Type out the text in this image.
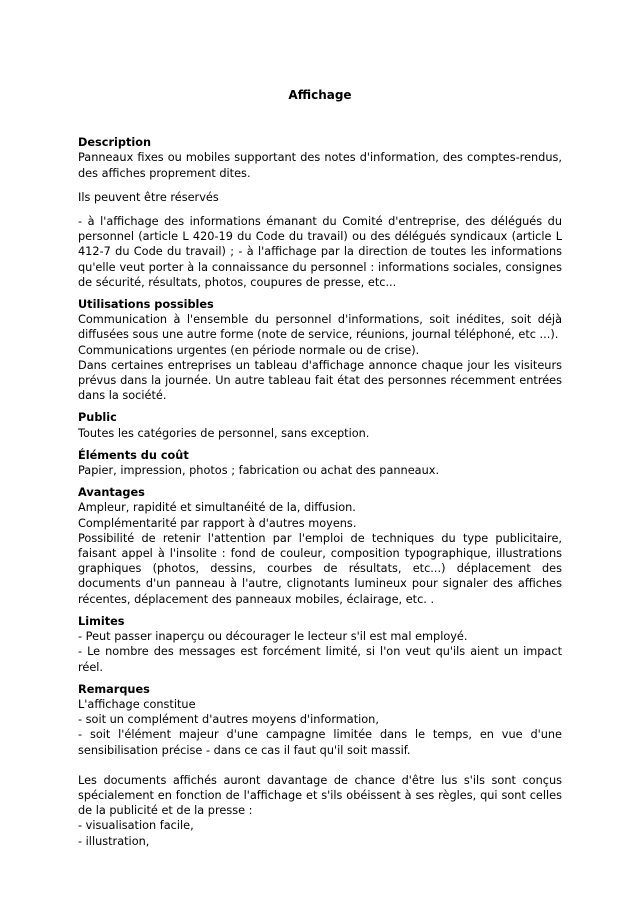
Affichage
Description

Panneaux fixes ou mobiles supportant des notes d'information, des comptes-rendus, des affiches proprement dites.

Ils peuvent être réservés

- à l'affichage des informations émanant du Comité d'entreprise, des délégués du personnel (article L 420-19 du Code du travail) ou des délégués syndicaux (article L 412-7 du Code du travail) ; - à l'affichage par la direction de toutes les informations qu'elle veut porter à la connaissance du personnel : informations sociales, consignes de sécurité, résultats, photos, coupures de presse, etc...

Utilisations possibles

Communication à l'ensemble du personnel d'informations, soit inédites, soit déjà diffusées sous une autre forme (note de service, réunions, journal téléphoné, etc ...).

Communications urgentes (en période normale ou de crise).

Dans certaines entreprises un tableau d'affichage annonce chaque jour les visiteurs prévus dans la journée. Un autre tableau fait état des personnes récemment entrées dans la société.

Public

Toutes les catégories de personnel, sans exception.

Éléments du coût

Papier, impression, photos ; fabrication ou achat des panneaux.

Avantages

Ampleur, rapidité et simultanéité de la, diffusion.

Complémentarité par rapport à d'autres moyens.

Possibilité de retenir l'attention par l'emploi de techniques du type publicitaire, faisant appel à l'insolite : fond de couleur, composition typographique, illustrations graphiques (photos, dessins, courbes de résultats, etc...) déplacement des documents d'un panneau à l'autre, clignotants lumineux pour signaler des affiches récentes, déplacement des panneaux mobiles, éclairage, etc. .

Limites

- Peut passer inaperçu ou décourager le lecteur s'il est mal employé.

- Le nombre des messages est forcément limité, si l'on veut qu'ils aient un impact réel.

Remarques

L'affichage constitue

- soit un complément d'autres moyens d'information,

- soit l'élément majeur d'une campagne limitée dans le temps, en vue d'une sensibilisation précise - dans ce cas il faut qu'il soit massif.

Les documents affichés auront davantage de chance d'être lus s'ils sont conçus spécialement en fonction de l'affichage et s'ils obéissent à ses règles, qui sont celles de la publicité et de la presse :

- visualisation facile,

- illustration,
